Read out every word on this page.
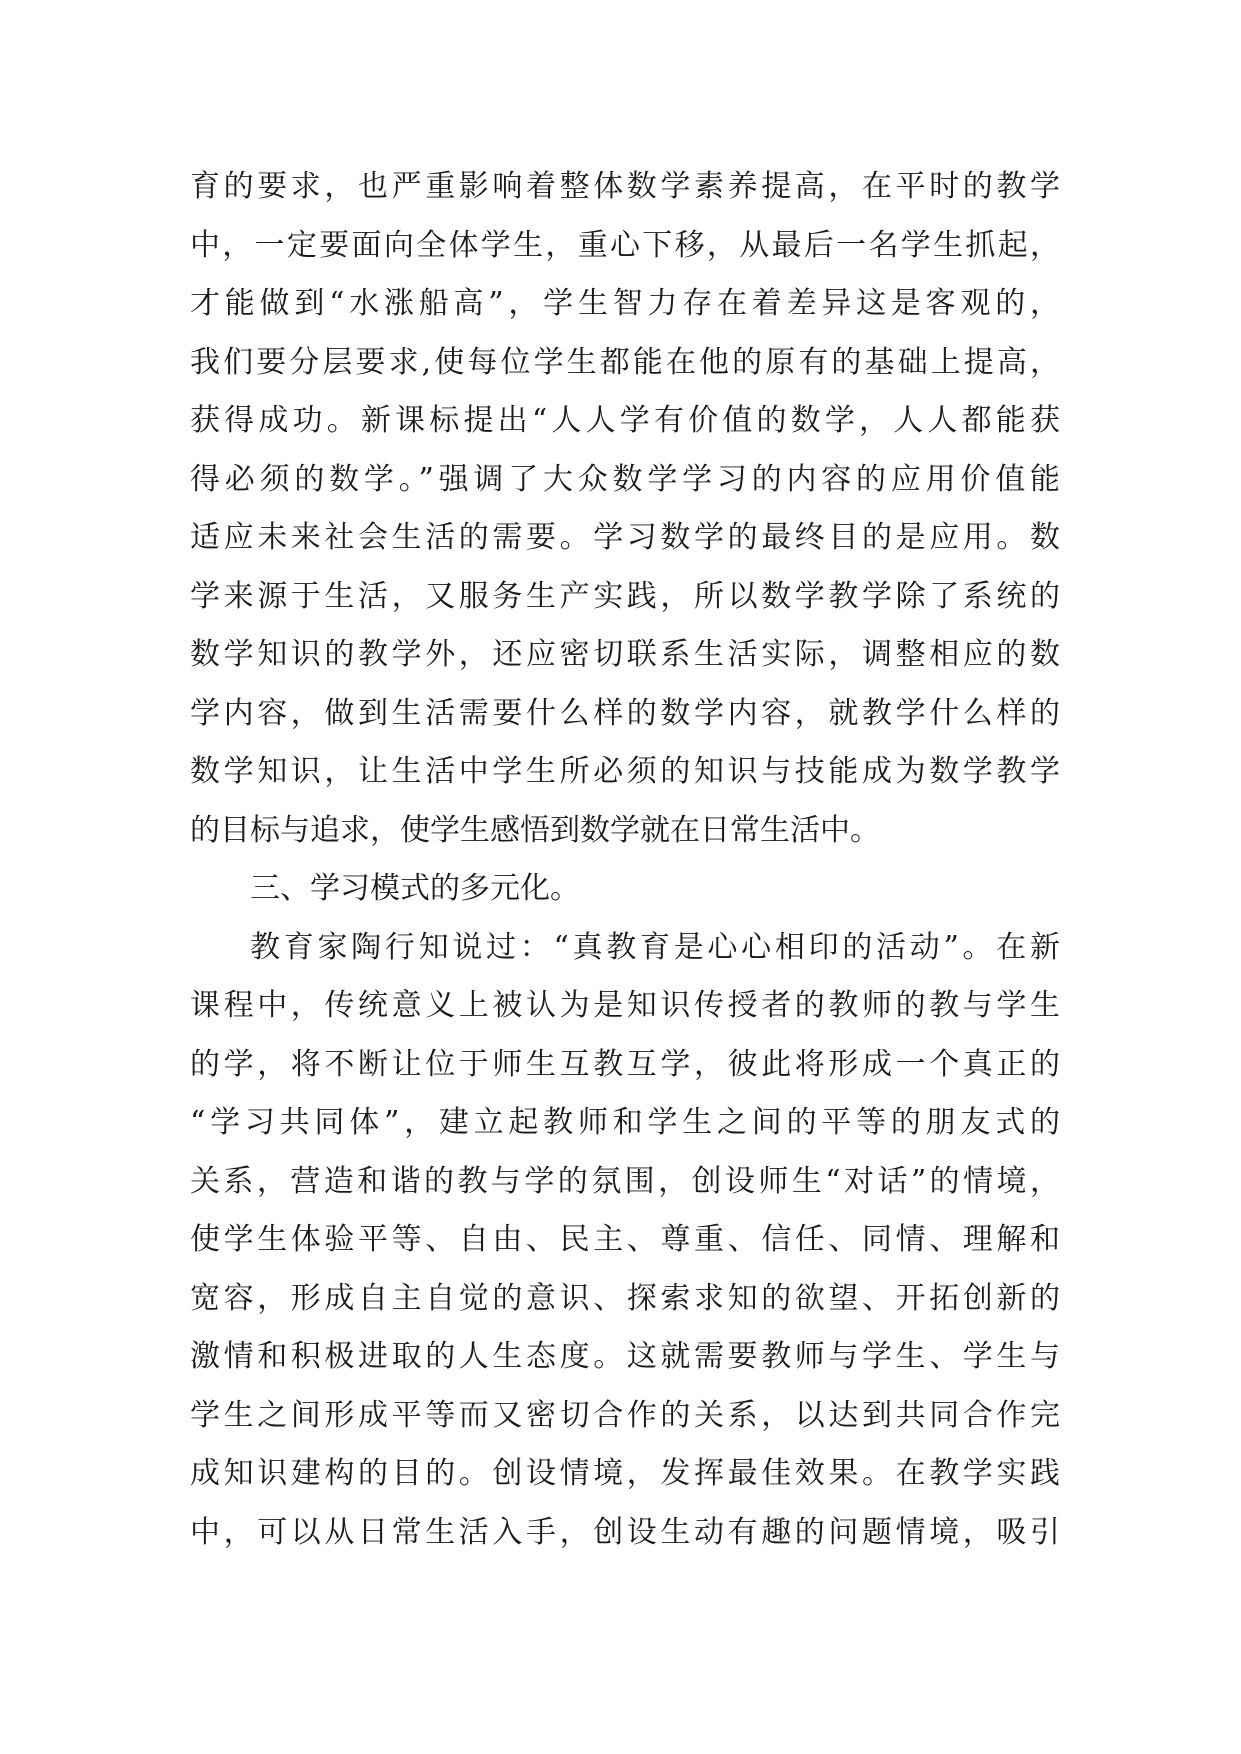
育的要求，也严重影响着整体数学素养提高，在平时的教学
中，一定要面向全体学生，重心下移，从最后一名学生抓起，
才能做到“水涨船高”，学生智力存在着差异这是客观的，
我们要分层要求,使每位学生都能在他的原有的基础上提高，
获得成功。新课标提出“人人学有价值的数学，人人都能获
得必须的数学。”强调了大众数学学习的内容的应用价值能
适应未来社会生活的需要。学习数学的最终目的是应用。数
学来源于生活，又服务生产实践，所以数学教学除了系统的
数学知识的教学外，还应密切联系生活实际，调整相应的数
学内容，做到生活需要什么样的数学内容，就教学什么样的
数学知识，让生活中学生所必须的知识与技能成为数学教学
的目标与追求，使学生感悟到数学就在日常生活中。
三、学习模式的多元化。
教育家陶行知说过：“真教育是心心相印的活动”。在新
课程中，传统意义上被认为是知识传授者的教师的教与学生
的学，将不断让位于师生互教互学，彼此将形成一个真正的
“学习共同体”，建立起教师和学生之间的平等的朋友式的
关系，营造和谐的教与学的氛围，创设师生“对话”的情境，
使学生体验平等、自由、民主、尊重、信任、同情、理解和
宽容，形成自主自觉的意识、探索求知的欲望、开拓创新的
激情和积极进取的人生态度。这就需要教师与学生、学生与
学生之间形成平等而又密切合作的关系，以达到共同合作完
成知识建构的目的。创设情境，发挥最佳效果。在教学实践
中，可以从日常生活入手，创设生动有趣的问题情境，吸引
